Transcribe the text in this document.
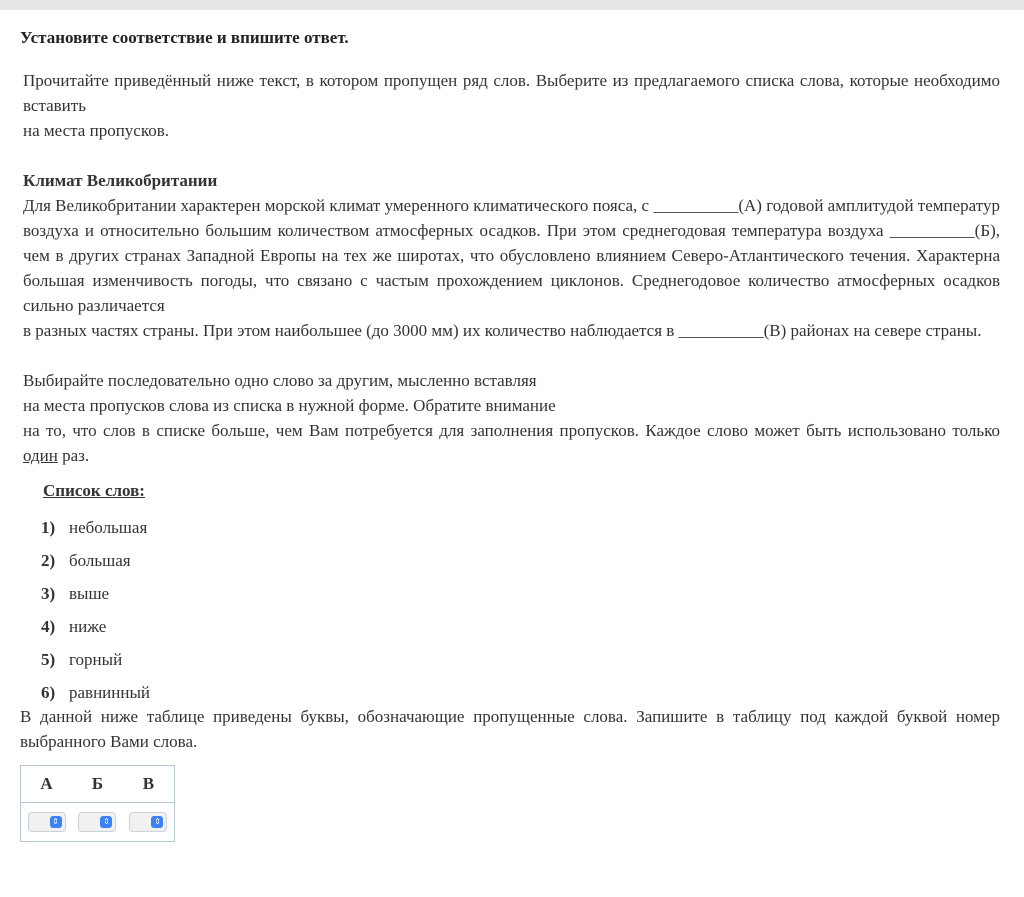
Установите соответствие и впишите ответ.

Прочитайте приведённый ниже текст, в котором пропущен ряд слов. Выберите из предлагаемого списка слова, которые необходимо вставить

на места пропусков.

Климат Великобритании

Для Великобритании характерен морской климат умеренного климатического пояса, с __________(А) годовой амплитудой температур воздуха и относительно большим количеством атмосферных осадков. При этом среднегодовая температура воздуха __________(Б), чем в других странах Западной Европы на тех же широтах, что обусловлено влиянием Северо-Атлантического течения. Характерна большая изменчивость погоды, что связано с частым прохождением циклонов. Среднегодовое количество атмосферных осадков сильно различается

в разных частях страны. При этом наибольшее (до 3000 мм) их количество наблюдается в __________(В) районах на севере страны.

Выбирайте последовательно одно слово за другим, мысленно вставляя

на места пропусков слова из списка в нужной форме. Обратите внимание

на то, что слов в списке больше, чем Вам потребуется для заполнения пропусков. Каждое слово может быть использовано только один раз.

Список слов:
1) небольшая
2) большая
3) выше
4) ниже
5) горный
6) равнинный

В данной ниже таблице приведены буквы, обозначающие пропущенные слова. Запишите в таблицу под каждой буквой номер выбранного Вами слова.

А	Б	В

⇕	⇕	⇕
